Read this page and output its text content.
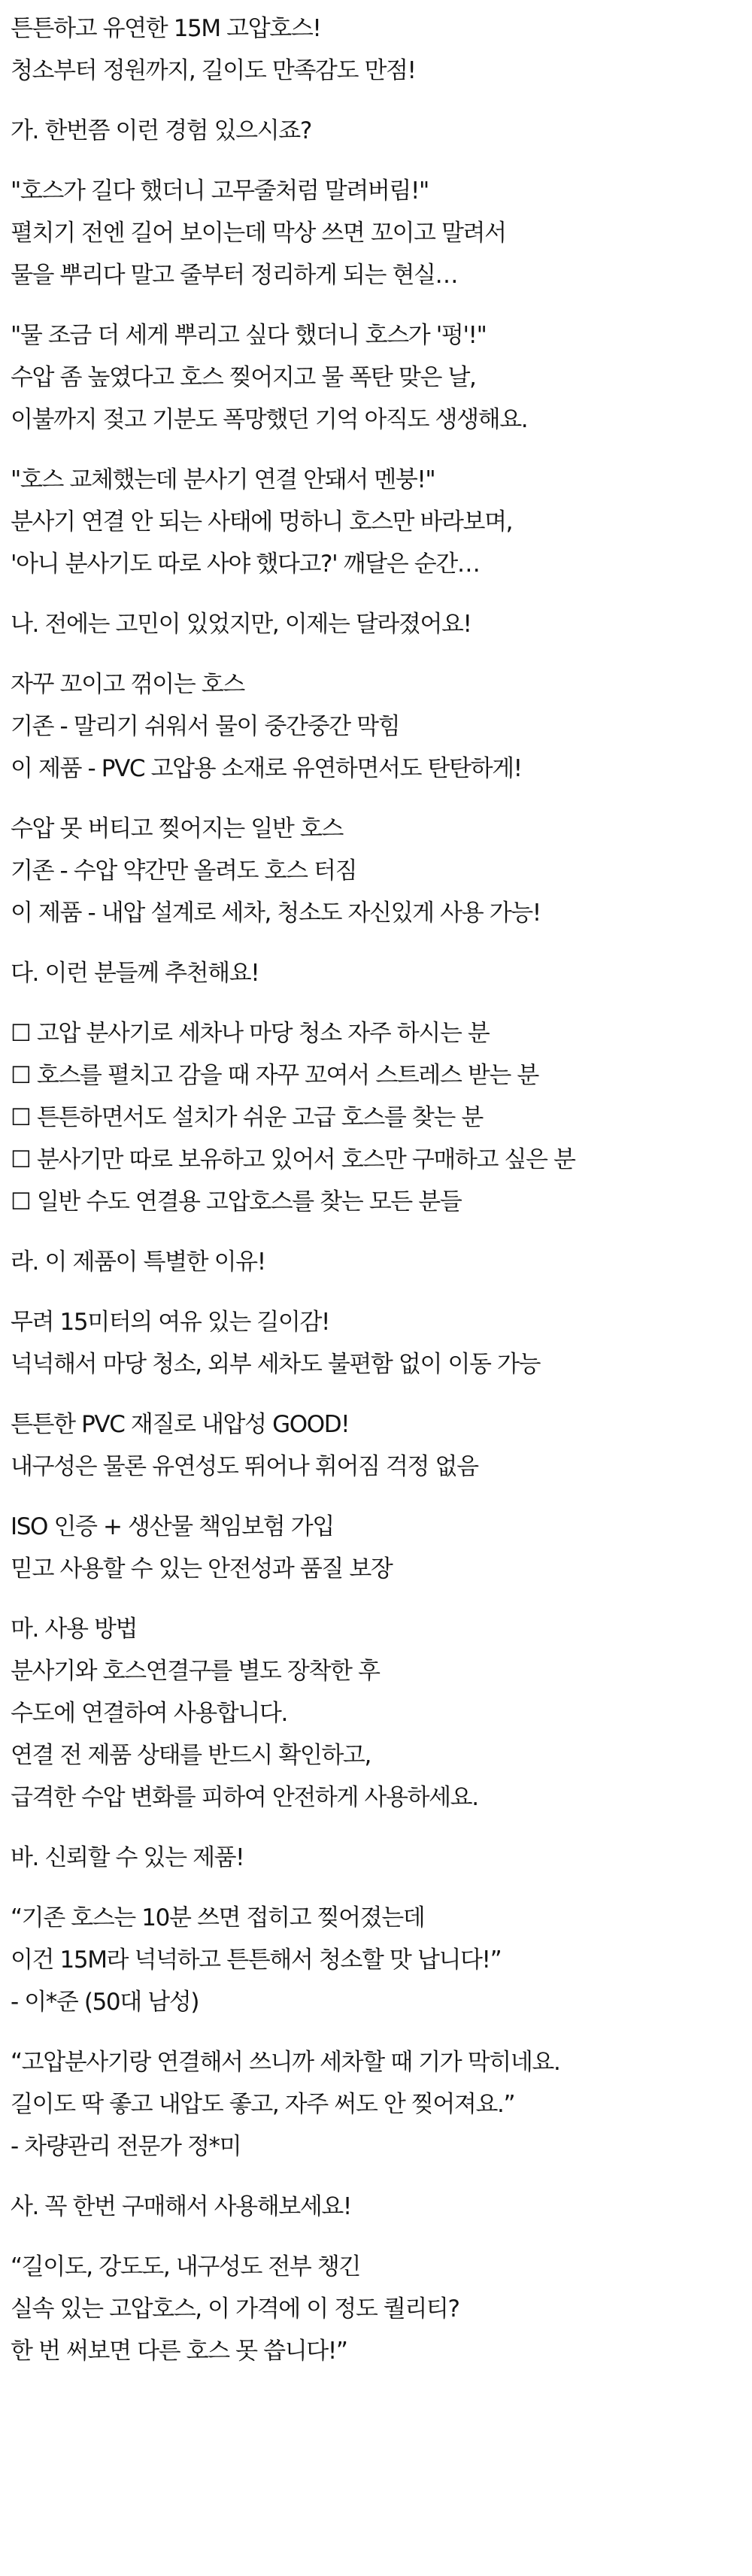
튼튼하고 유연한 15M 고압호스!
청소부터 정원까지, 길이도 만족감도 만점!
가. 한번쯤 이런 경험 있으시죠?
"호스가 길다 했더니 고무줄처럼 말려버림!"
펼치기 전엔 길어 보이는데 막상 쓰면 꼬이고 말려서
물을 뿌리다 말고 줄부터 정리하게 되는 현실…
"물 조금 더 세게 뿌리고 싶다 했더니 호스가 '펑'!"
수압 좀 높였다고 호스 찢어지고 물 폭탄 맞은 날,
이불까지 젖고 기분도 폭망했던 기억 아직도 생생해요.
"호스 교체했는데 분사기 연결 안돼서 멘붕!"
분사기 연결 안 되는 사태에 멍하니 호스만 바라보며,
'아니 분사기도 따로 사야 했다고?' 깨달은 순간…
나. 전에는 고민이 있었지만, 이제는 달라졌어요!
자꾸 꼬이고 꺾이는 호스
기존 - 말리기 쉬워서 물이 중간중간 막힘
이 제품 - PVC 고압용 소재로 유연하면서도 탄탄하게!
수압 못 버티고 찢어지는 일반 호스
기존 - 수압 약간만 올려도 호스 터짐
이 제품 - 내압 설계로 세차, 청소도 자신있게 사용 가능!
다. 이런 분들께 추천해요!
☐ 고압 분사기로 세차나 마당 청소 자주 하시는 분
☐ 호스를 펼치고 감을 때 자꾸 꼬여서 스트레스 받는 분
☐ 튼튼하면서도 설치가 쉬운 고급 호스를 찾는 분
☐ 분사기만 따로 보유하고 있어서 호스만 구매하고 싶은 분
☐ 일반 수도 연결용 고압호스를 찾는 모든 분들
라. 이 제품이 특별한 이유!
무려 15미터의 여유 있는 길이감!
넉넉해서 마당 청소, 외부 세차도 불편함 없이 이동 가능
튼튼한 PVC 재질로 내압성 GOOD!
내구성은 물론 유연성도 뛰어나 휘어짐 걱정 없음
ISO 인증 + 생산물 책임보험 가입
믿고 사용할 수 있는 안전성과 품질 보장
마. 사용 방법
분사기와 호스연결구를 별도 장착한 후
수도에 연결하여 사용합니다.
연결 전 제품 상태를 반드시 확인하고,
급격한 수압 변화를 피하여 안전하게 사용하세요.
바. 신뢰할 수 있는 제품!
“기존 호스는 10분 쓰면 접히고 찢어졌는데
이건 15M라 넉넉하고 튼튼해서 청소할 맛 납니다!”
- 이*준 (50대 남성)
“고압분사기랑 연결해서 쓰니까 세차할 때 기가 막히네요.
길이도 딱 좋고 내압도 좋고, 자주 써도 안 찢어져요.”
- 차량관리 전문가 정*미
사. 꼭 한번 구매해서 사용해보세요!
“길이도, 강도도, 내구성도 전부 챙긴
실속 있는 고압호스, 이 가격에 이 정도 퀄리티?
한 번 써보면 다른 호스 못 씁니다!”
